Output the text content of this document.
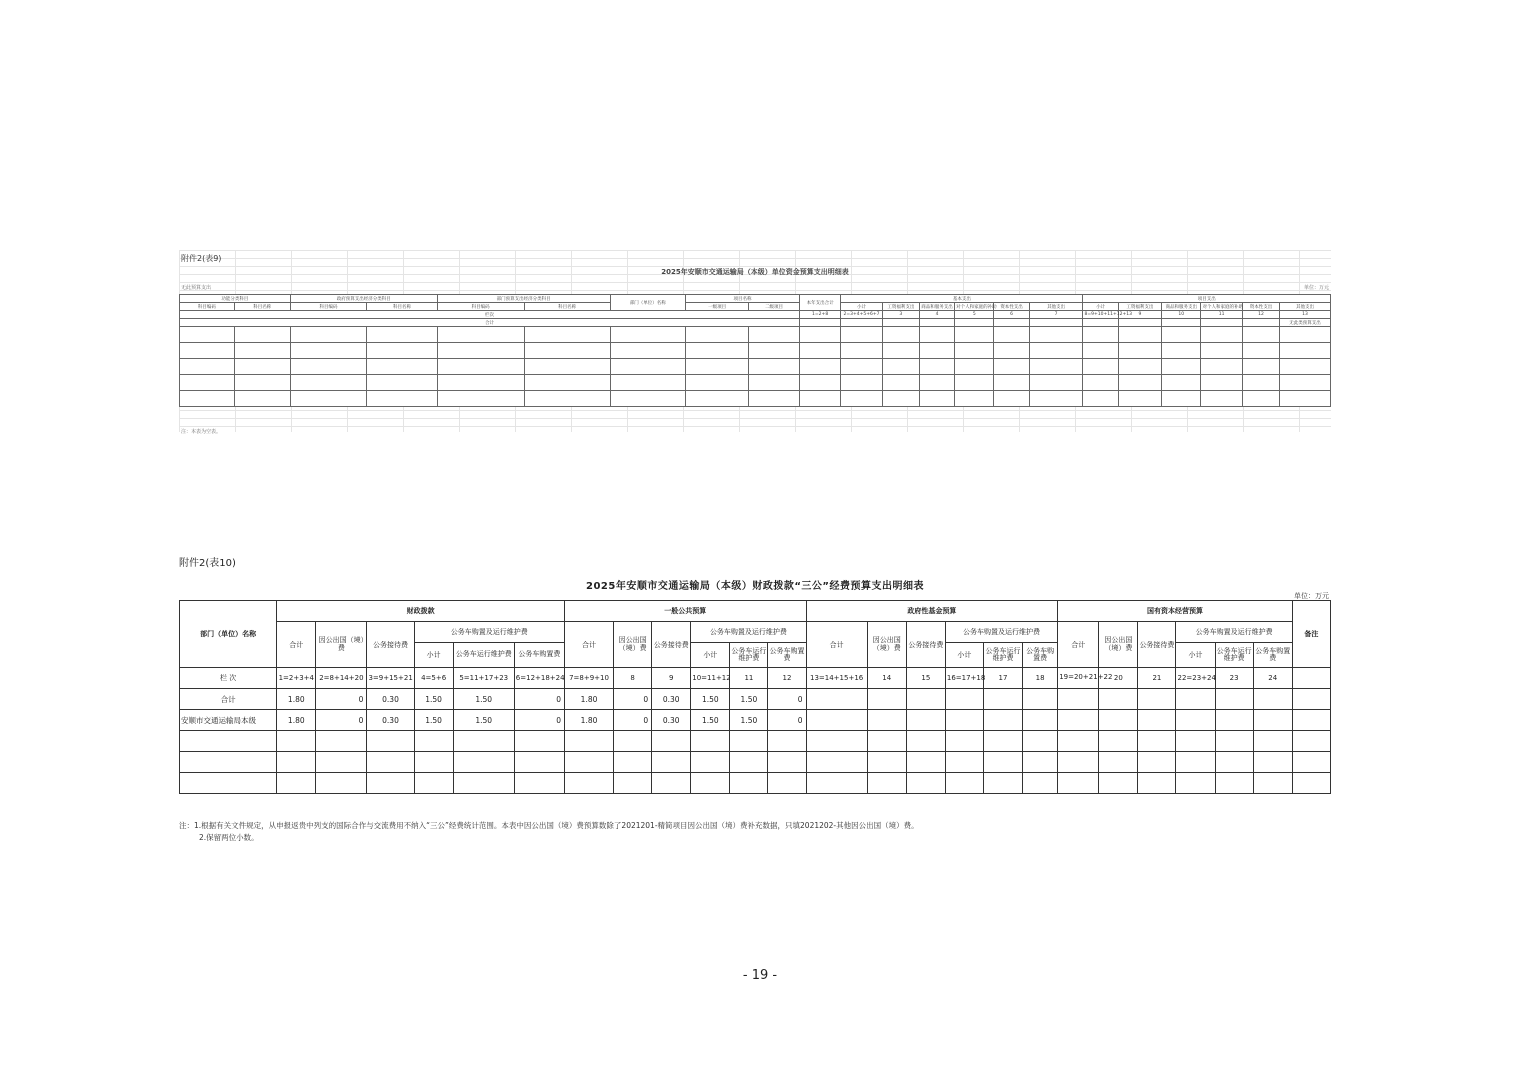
附件2(表9)
2025年安顺市交通运输局（本级）单位资金预算支出明细表
无此预算支出	单位：万元
功能分类科目		政府预算支出经济分类科目		部门预算支出经济分类科目		部门（单位）名称	项目名称		本年支出合计	基本支出						项目支出					
科目编码	科目名称	科目编码	科目名称	科目编码	科目名称		一级项目	二级项目		小计	工资福利支出	商品和服务支出	对个人和家庭的补助	资本性支出	其他支出	小计	工资福利支出	商品和服务支出	对个人和家庭的补助	资本性支出	其他支出
栏次									1=2+8	2=3+4+5+6+7	3	4	5	6	7	8=9+10+11+12+13	9	10	11	12	13
合计																					无此类预算支出

注：本表为空表。
附件2(表10)
2025年安顺市交通运输局（本级）财政拨款“三公”经费预算支出明细表
单位：万元
部门（单位）名称	财政拨款						一般公共预算						政府性基金预算						国有资本经营预算						备注
	合计	因公出国（境）费	公务接待费	公务车购置及运行维护费			合计	因公出国（境）费	公务接待费	公务车购置及运行维护费			合计	因公出国（境）费	公务接待费	公务车购置及运行维护费			合计	因公出国（境）费	公务接待费	公务车购置及运行维护费			
				小计	公务车运行维护费	公务车购置费				小计	公务车运行维护费	公务车购置费				小计	公务车运行维护费	公务车购置费				小计	公务车运行维护费	公务车购置费	
栏 次	1=2+3+4	2=8+14+20	3=9+15+21	4=5+6	5=11+17+23	6=12+18+24	7=8+9+10	8	9	10=11+12	11	12	13=14+15+16	14	15	16=17+18	17	18	19=20+21+22	20	21	22=23+24	23	24	
合计	1.80	0	0.30	1.50	1.50	0	1.80	0	0.30	1.50	1.50	0													
安顺市交通运输局本级	1.80	0	0.30	1.50	1.50	0	1.80	0	0.30	1.50	1.50	0													

注：1.根据有关文件规定，从申报返贵中列支的国际合作与交流费用不纳入“三公”经费统计范围。本表中因公出国（境）费预算数除了2021201-精简项目因公出国（境）费补充数据，只填2021202-其他因公出国（境）费。
2.保留两位小数。
- 19 -
